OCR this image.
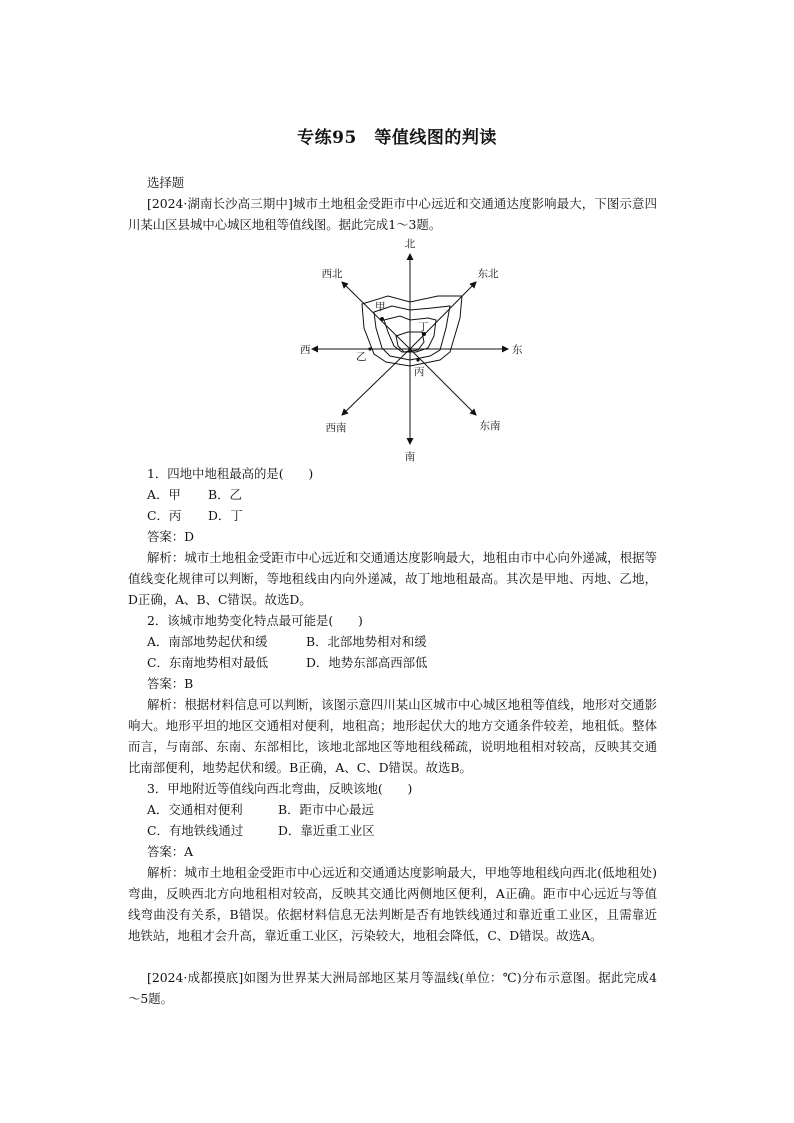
专练95　等值线图的判读
选择题
[2024·湖南长沙高三期中]城市土地租金受距市中心远近和交通通达度影响最大，下图示意四川某山区县城中心城区地租等值线图。据此完成1～3题。
北
南
东
西
西北	东北
西南	东南
甲
乙
丙
丁
1．四地中地租最高的是(　　)
A．甲 B．乙
C．丙 D．丁
答案：D
解析：城市土地租金受距市中心远近和交通通达度影响最大，地租由市中心向外递减，根据等值线变化规律可以判断，等地租线由内向外递减，故丁地地租最高。其次是甲地、丙地、乙地，D正确，A、B、C错误。故选D。
2．该城市地势变化特点最可能是(　　)
A．南部地势起伏和缓	B．北部地势相对和缓
C．东南地势相对最低	D．地势东部高西部低
答案：B
解析：根据材料信息可以判断，该图示意四川某山区城市中心城区地租等值线，地形对交通影响大。地形平坦的地区交通相对便利，地租高；地形起伏大的地方交通条件较差，地租低。整体而言，与南部、东南、东部相比，该地北部地区等地租线稀疏，说明地租相对较高，反映其交通比南部便利，地势起伏和缓。B正确，A、C、D错误。故选B。
3．甲地附近等值线向西北弯曲，反映该地(　　)
A．交通相对便利	B．距市中心最远
C．有地铁线通过	D．靠近重工业区
答案：A
解析：城市土地租金受距市中心远近和交通通达度影响最大，甲地等地租线向西北(低地租处)弯曲，反映西北方向地租相对较高，反映其交通比两侧地区便利，A正确。距市中心远近与等值线弯曲没有关系，B错误。依据材料信息无法判断是否有地铁线通过和靠近重工业区，且需靠近地铁站，地租才会升高，靠近重工业区，污染较大，地租会降低，C、D错误。故选A。
[2024·成都摸底]如图为世界某大洲局部地区某月等温线(单位：℃)分布示意图。据此完成4～5题。
